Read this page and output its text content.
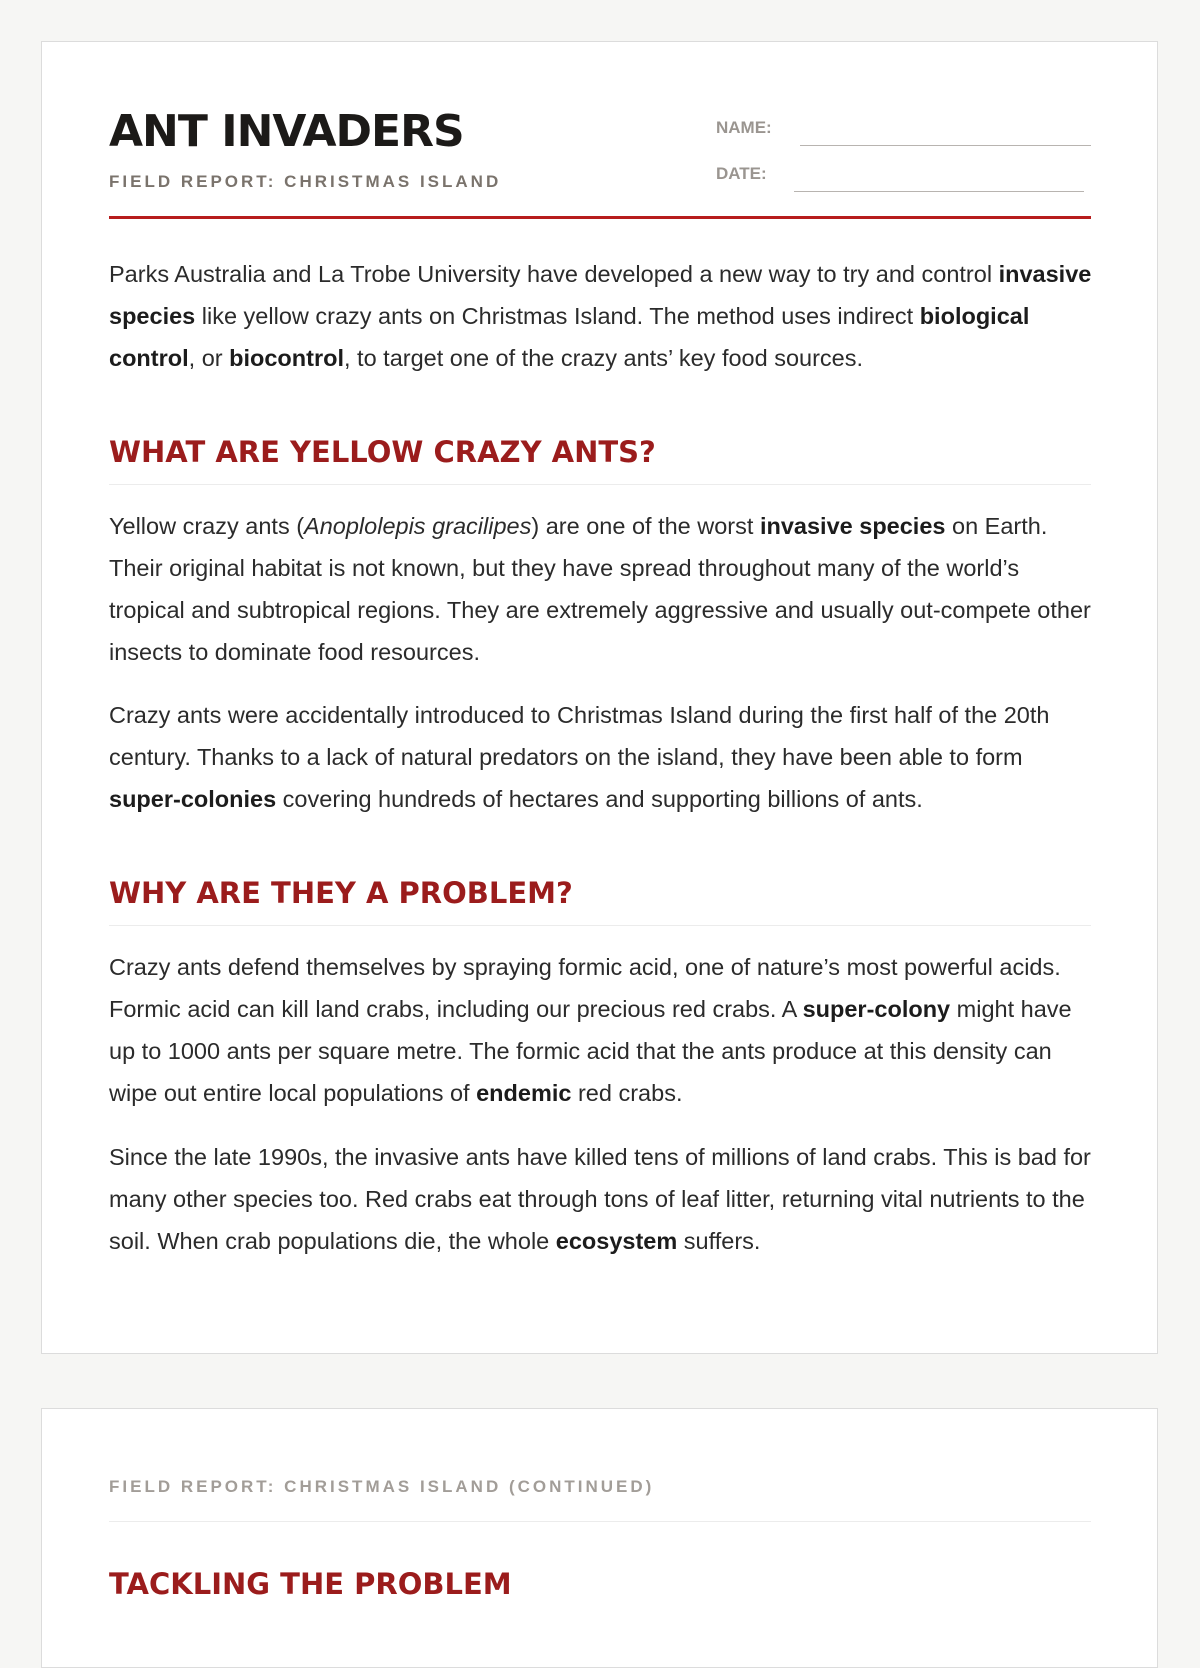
ANT INVADERS
FIELD REPORT: CHRISTMAS ISLAND
NAME:
DATE:

Parks Australia and La Trobe University have developed a new way to try and control invasive species like yellow crazy ants on Christmas Island. The method uses indirect biological control, or biocontrol, to target one of the crazy ants’ key food sources.

WHAT ARE YELLOW CRAZY ANTS?

Yellow crazy ants (Anoplolepis gracilipes) are one of the worst invasive species on Earth. Their original habitat is not known, but they have spread throughout many of the world’s tropical and subtropical regions. They are extremely aggressive and usually out-compete other insects to dominate food resources.

Crazy ants were accidentally introduced to Christmas Island during the first half of the 20th century. Thanks to a lack of natural predators on the island, they have been able to form super-colonies covering hundreds of hectares and supporting billions of ants.

WHY ARE THEY A PROBLEM?

Crazy ants defend themselves by spraying formic acid, one of nature’s most powerful acids. Formic acid can kill land crabs, including our precious red crabs. A super-colony might have up to 1000 ants per square metre. The formic acid that the ants produce at this density can wipe out entire local populations of endemic red crabs.

Since the late 1990s, the invasive ants have killed tens of millions of land crabs. This is bad for many other species too. Red crabs eat through tons of leaf litter, returning vital nutrients to the soil. When crab populations die, the whole ecosystem suffers.

FIELD REPORT: CHRISTMAS ISLAND (CONTINUED)
TACKLING THE PROBLEM
